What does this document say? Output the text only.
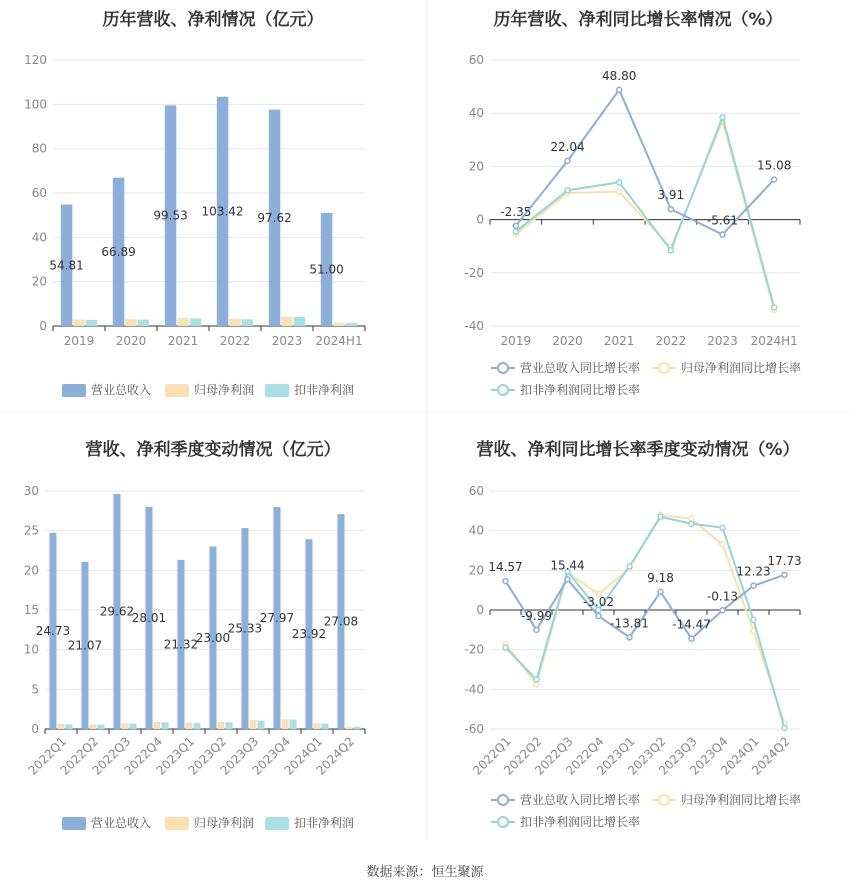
历年营收、净利情况（亿元）
0
20
40
60
80
100
120
2019 2020 2021 2022 2023 2024H1
54.81
66.89
99.53 103.42 97.62
51.00
营业总收入	归母净利润	扣非净利润
历年营收、净利同比增长率情况（%）
-40
-20
0
20
40
60
2019 2020 2021 2022 2023 2024H1
-2.35
22.04
48.80
3.91
-5.61
15.08
营业总收入同比增长率	归母净利润同比增长率
扣非净利润同比增长率
营收、净利季度变动情况（亿元）
0
5
10
15
20
25
30
2022Q1
2022Q2
2022Q3
2022Q4
2023Q1
2023Q2
2023Q3
2023Q4
2024Q1
2024Q2
24.73
21.07
29.62
28.01
21.32
23.00
25.33
27.97
23.92
27.08
营业总收入	归母净利润	扣非净利润
营收、净利同比增长率季度变动情况（%）
-60
-40
-20
0
20
40
60
2022Q1
2022Q2
2022Q3
2022Q4
2023Q1
2023Q2
2023Q3
2023Q4
2024Q1
2024Q2
14.57
-9.99
15.44
-3.02
-13.81
9.18
-14.47
-0.13
12.23
17.73
营业总收入同比增长率	归母净利润同比增长率
扣非净利润同比增长率
数据来源：恒生聚源
